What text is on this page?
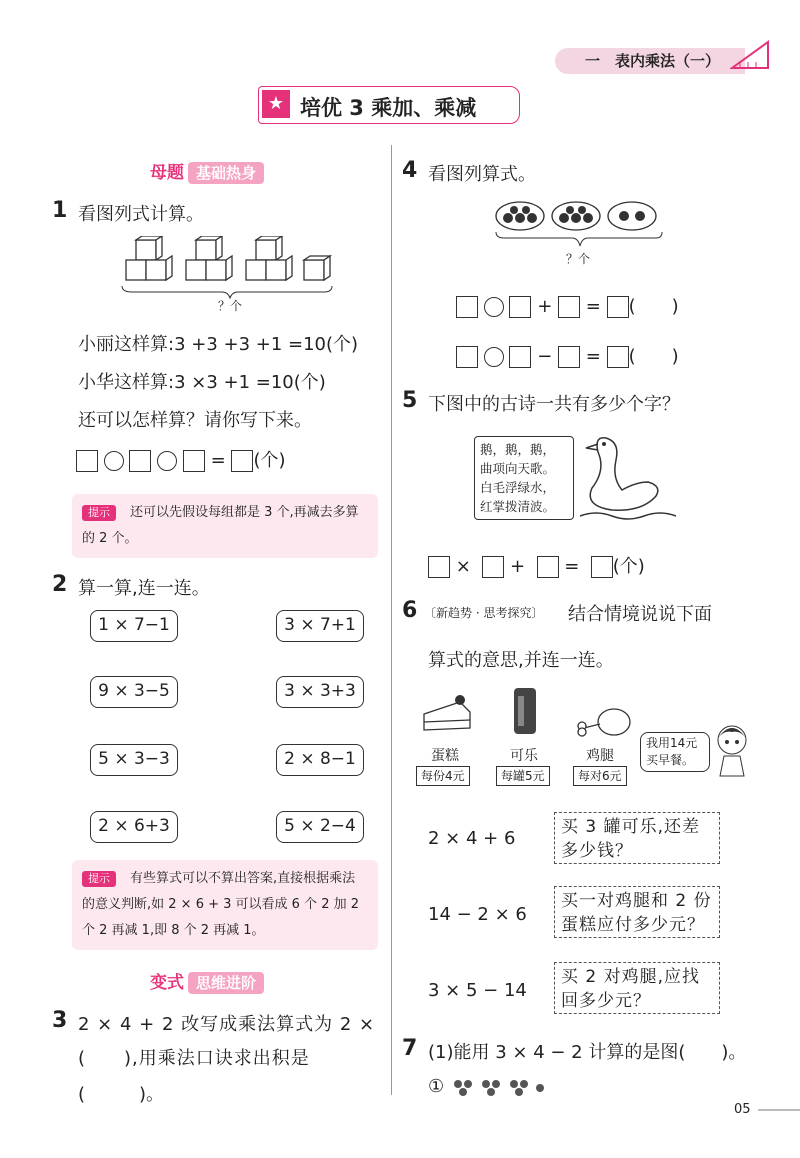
一　表内乘法（一）
★ 培优 3 乘加、乘减
母题 基础热身
1 看图列式计算。
？个
小丽这样算:3 +3 +3 +1 =10(个)
小华这样算:3 ×3 +1 =10(个)
还可以怎样算？请你写下来。
= (个)
提示 还可以先假设每组都是 3 个,再减去多算的 2 个。
2 算一算,连一连。
1 × 7−1
9 × 3−5
5 × 3−3
2 × 6+3
3 × 7+1
3 × 3+3
2 × 8−1
5 × 2−4
提示 有些算式可以不算出答案,直接根据乘法的意义判断,如 2 × 6 + 3 可以看成 6 个 2 加 2 个 2 再减 1,即 8 个 2 再减 1。
变式 思维进阶
3 2 × 4 + 2 改写成乘法算式为 2 ×
(　　),用乘法口诀求出积是
(　　　)。
4 看图列算式。
？个
+  = (　　)
−  = (　　)
5 下图中的古诗一共有多少个字？
鹅，鹅，鹅，
曲项向天歌。
白毛浮绿水，
红掌拨清波。
×   +   =  (个)
6 〔新趋势 · 思考探究〕 结合情境说说下面
算式的意思,并连一连。
蛋糕	可乐	鸡腿
每份4元	每罐5元	每对6元
我用14元买早餐。
2 × 4 + 6
14 − 2 × 6
3 × 5 − 14
买 3 罐可乐,还差多少钱？
买一对鸡腿和 2 份蛋糕应付多少元？
买 2 对鸡腿,应找回多少元？
7 (1)能用 3 × 4 − 2 计算的是图(　　)。
①
05
